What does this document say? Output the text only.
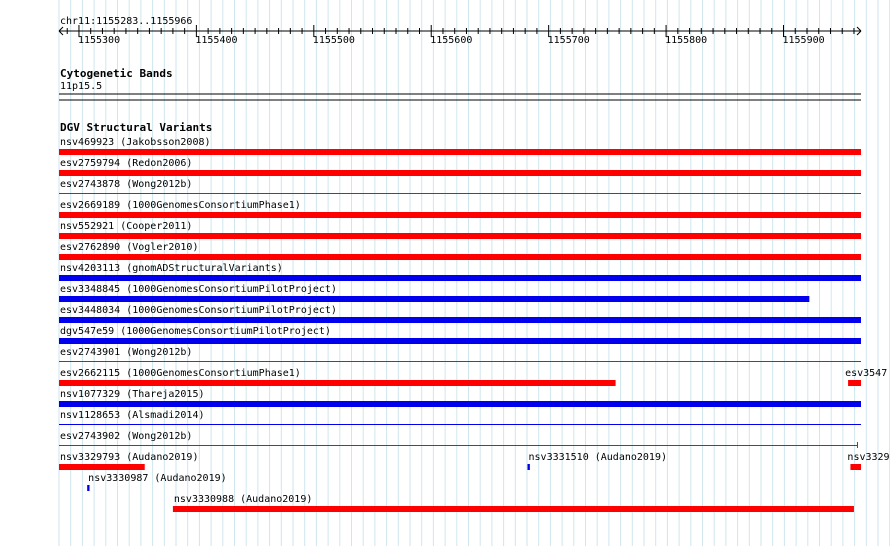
chr11:1155283..1155966
1155300	1155400	1155500	1155600	1155700	1155800	1155900
Cytogenetic Bands
11p15.5
DGV Structural Variants
nsv469923 (Jakobsson2008)
esv2759794 (Redon2006)
esv2743878 (Wong2012b)
esv2669189 (1000GenomesConsortiumPhase1)
nsv552921 (Cooper2011)
esv2762890 (Vogler2010)
nsv4203113 (gnomADStructuralVariants)
esv3348845 (1000GenomesConsortiumPilotProject)
esv3448034 (1000GenomesConsortiumPilotProject)
dgv547e59 (1000GenomesConsortiumPilotProject)
esv2743901 (Wong2012b)
esv2662115 (1000GenomesConsortiumPhase1)	esv3547
nsv1077329 (Thareja2015)
nsv1128653 (Alsmadi2014)
esv2743902 (Wong2012b)
nsv3329793 (Audano2019)	nsv3331510 (Audano2019)	nsv3329
nsv3330987 (Audano2019)
nsv3330988 (Audano2019)
